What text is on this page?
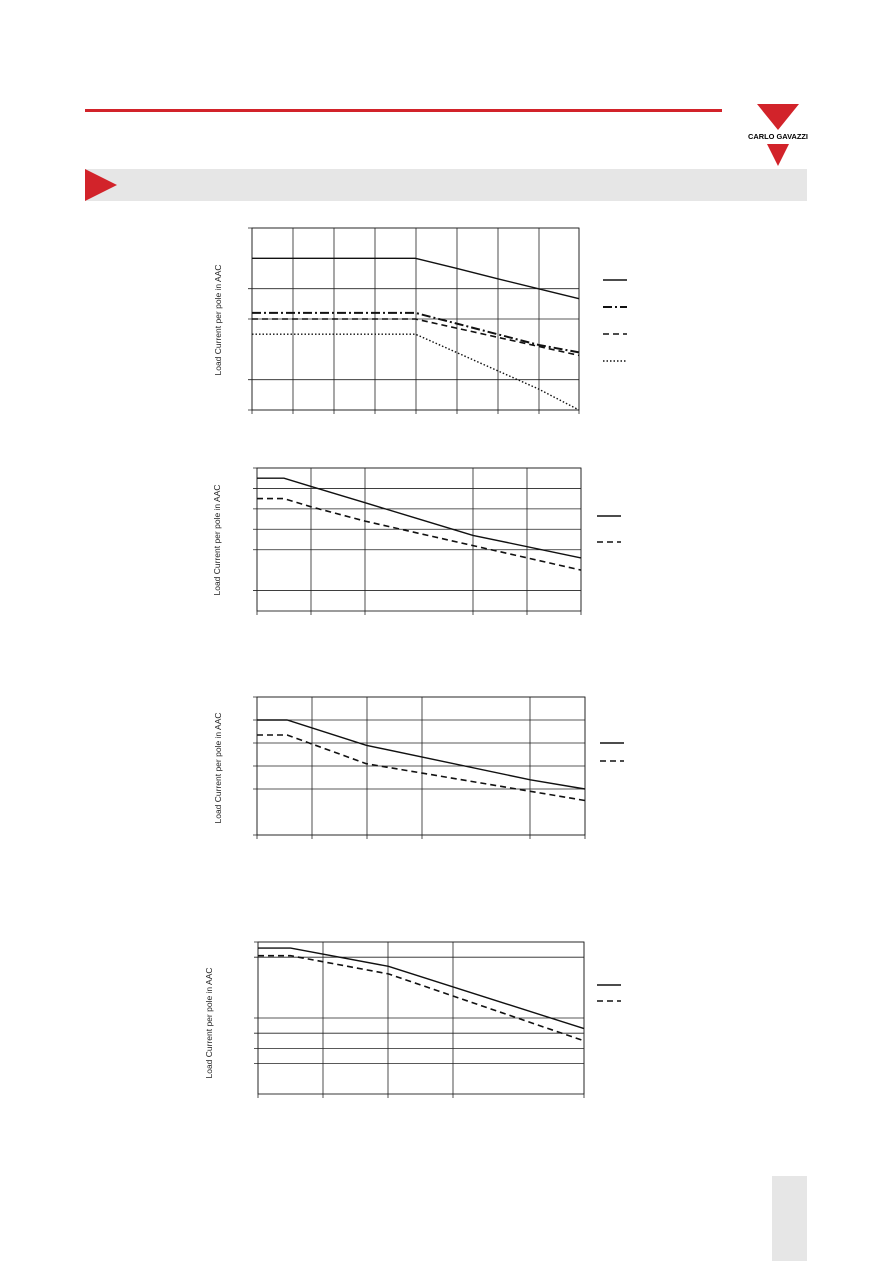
CARLO GAVAZZI
Load Current per pole in AAC
Load Current per pole in AAC
Load Current per pole in AAC
Load Current per pole in AAC
